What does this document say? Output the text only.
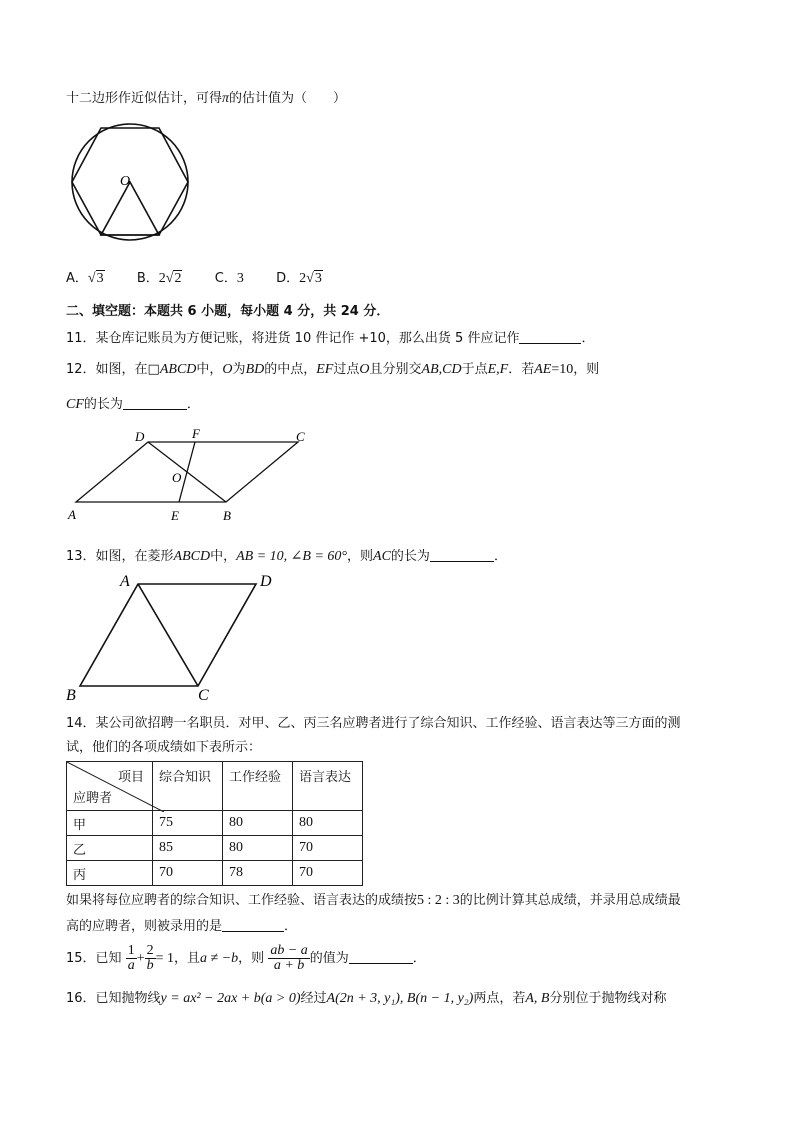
十二边形作近似估计，可得π的估计值为（　　）
O
A．√3	B．2√2	C．3 D．2√3
二、填空题：本题共 6 小题，每小题 4 分，共 24 分．
11．某仓库记账员为方便记账，将进货 10 件记作 +10，那么出货 5 件应记作	．
12．如图，在□ABCD中，O为BD的中点，EF过点O且分别交AB,CD于点E,F．若AE=10，则
CF的长为	．
D	F	C
O
A	E	B
13．如图，在菱形ABCD中，AB = 10, ∠B = 60°，则AC的长为	．
A	D
B	C
14．某公司欲招聘一名职员．对甲、乙、丙三名应聘者进行了综合知识、工作经验、语言表达等三方面的测
试，他们的各项成绩如下表所示：
项目
应聘者	综合知识	工作经验	语言表达
甲	75	80	80
乙	85	80	70
丙	70	78	70
如果将每位应聘者的综合知识、工作经验、语言表达的成绩按5 : 2 : 3的比例计算其总成绩，并录用总成绩最
高的应聘者，则被录用的是	．
15．已知 $\frac{1}{a} + \frac{2}{b} = 1$，且a ≠ −b，则 $\frac{ab - a}{a + b}$ 的值为	．
16．已知抛物线y = ax² − 2ax + b(a > 0)经过A(2n + 3, y₁), B(n − 1, y₂)两点，若A, B分别位于抛物线对称
